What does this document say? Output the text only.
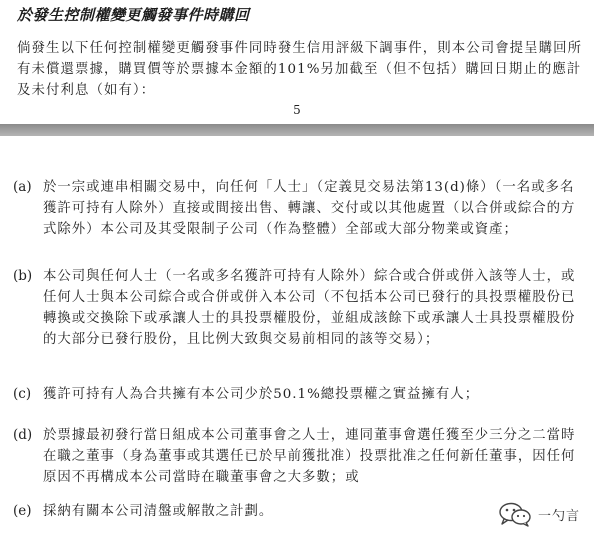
於發生控制權變更觸發事件時購回

倘發生以下任何控制權變更觸發事件同時發生信用評級下調事件，則本公司會提呈購回所有未償還票據，購買價等於票據本金額的101%另加截至（但不包括）購回日期止的應計及未付利息（如有）：

5
(a) 於一宗或連串相關交易中，向任何「人士」（定義見交易法第13(d)條）（一名或多名獲許可持有人除外）直接或間接出售、轉讓、交付或以其他處置（以合併或綜合的方式除外）本公司及其受限制子公司（作為整體）全部或大部分物業或資產；

(b) 本公司與任何人士（一名或多名獲許可持有人除外）綜合或合併或併入該等人士，或任何人士與本公司綜合或合併或併入本公司（不包括本公司已發行的具投票權股份已轉換或交換除下或承讓人士的具投票權股份，並組成該餘下或承讓人士具投票權股份的大部分已發行股份，且比例大致與交易前相同的該等交易）；

(c) 獲許可持有人為合共擁有本公司少於50.1%總投票權之實益擁有人；

(d) 於票據最初發行當日組成本公司董事會之人士，連同董事會選任獲至少三分之二當時在職之董事（身為董事或其選任已於早前獲批准）投票批准之任何新任董事，因任何原因不再構成本公司當時在職董事會之大多數；或

(e) 採納有關本公司清盤或解散之計劃。	一勺言
